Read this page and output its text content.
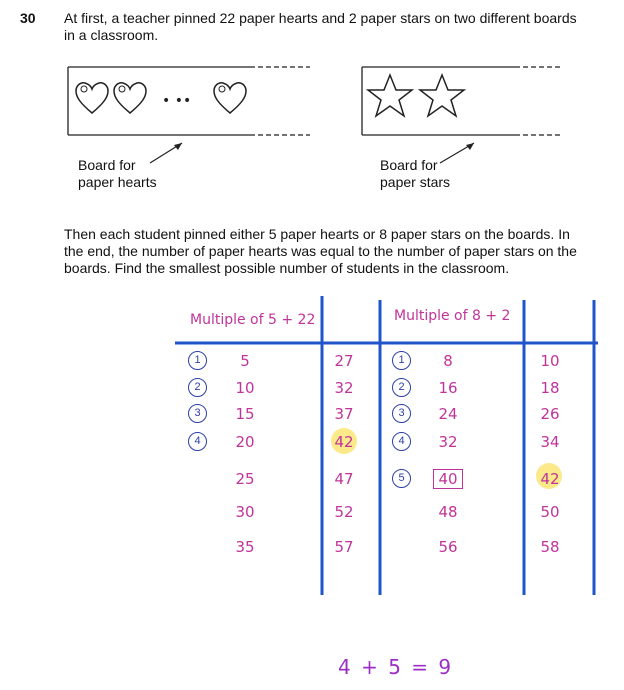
30 At first, a teacher pinned 22 paper hearts and 2 paper stars on two different boards in a classroom.
• ••
Board for
paper hearts
Board for
paper stars
Then each student pinned either 5 paper hearts or 8 paper stars on the boards. In the end, the number of paper hearts was equal to the number of paper stars on the boards. Find the smallest possible number of students in the classroom.
Multiple of 5 + 22	Multiple of 8 + 2
1	5	27
2	10	32
3	15	37
4	20	42
25	47
30	52
35	57
1	8	10
2	16	18
3	24	26
4	32	34
5	40	42
48	50
56	58
4 + 5 = 9
